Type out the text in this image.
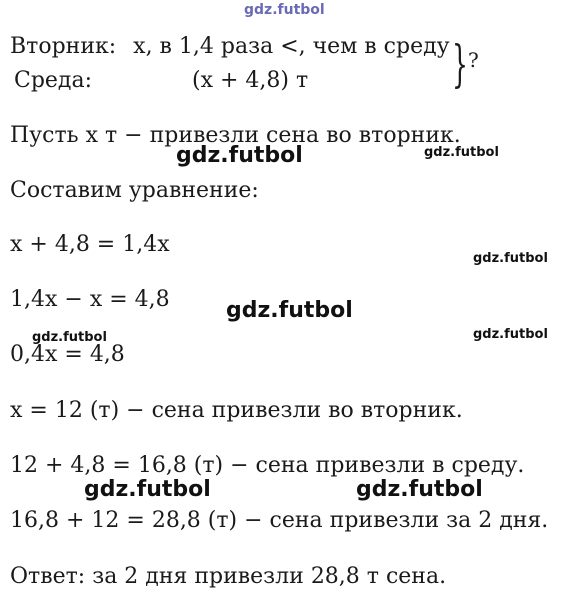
gdz.futbol
Вторник: x, в 1,4 раза <, чем в среду
Среда:	(x + 4,8) т	} ?
Пусть x т − привезли сена во вторник.
Составим уравнение:
x + 4,8 = 1,4x
1,4x − x = 4,8
0,4x = 4,8
x = 12 (т) − сена привезли во вторник.
12 + 4,8 = 16,8 (т) − сена привезли в среду.
16,8 + 12 = 28,8 (т) − сена привезли за 2 дня.
Ответ: за 2 дня привезли 28,8 т сена.
gdz.futbol	gdz.futbol
gdz.futbol
gdz.futbol
gdz.futbol
gdz.futbol
gdz.futbol	gdz.futbol
